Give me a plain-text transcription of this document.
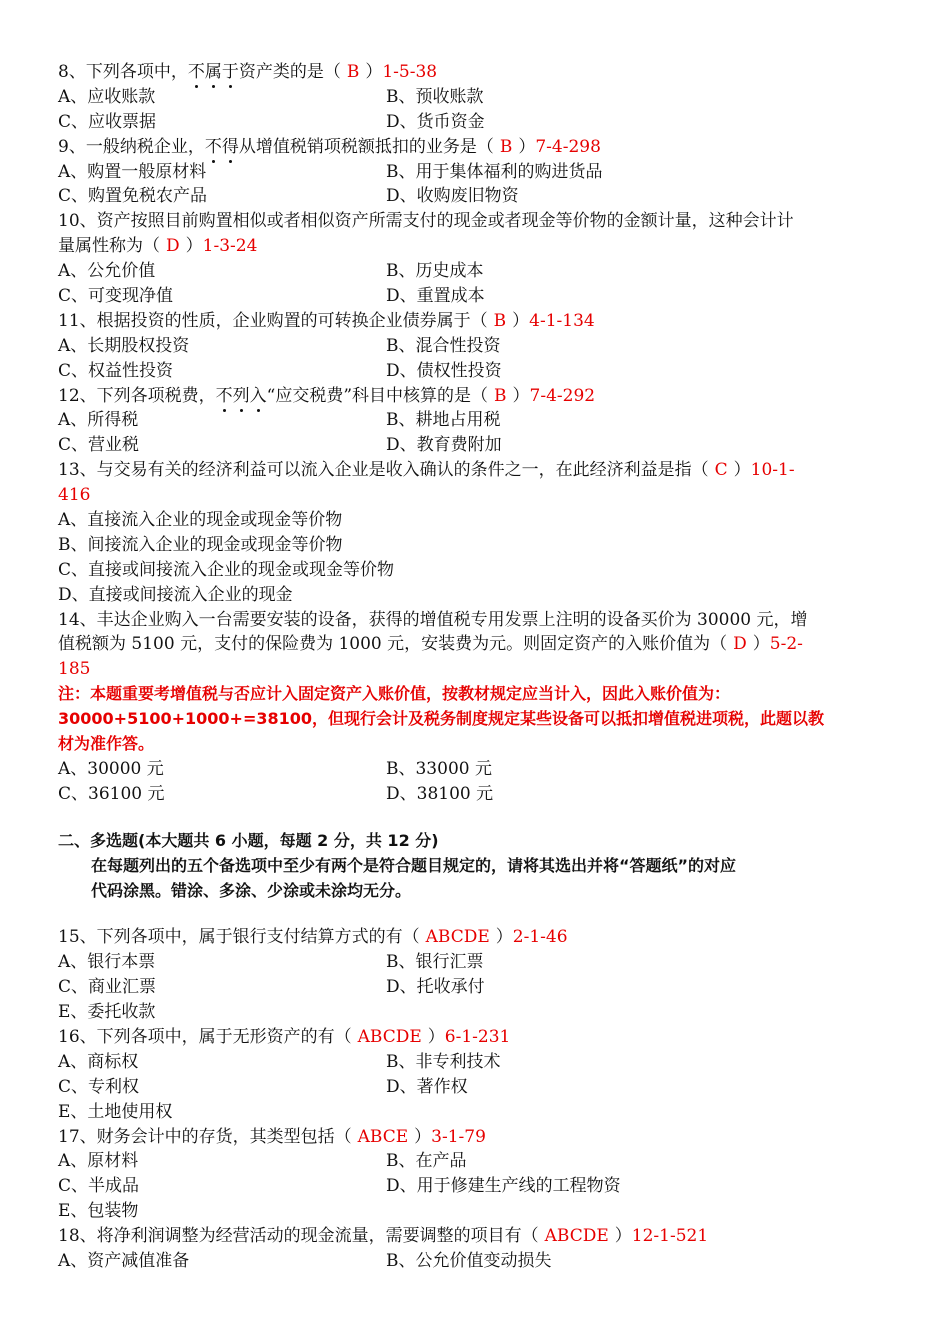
8、下列各项中，不属于资产类的是（ B ）1-5-38
A、应收账款	B、预收账款
C、应收票据	D、货币资金
9、一般纳税企业，不得从增值税销项税额抵扣的业务是（ B ）7-4-298
A、购置一般原材料	B、用于集体福利的购进货品
C、购置免税农产品	D、收购废旧物资
10、资产按照目前购置相似或者相似资产所需支付的现金或者现金等价物的金额计量，这种会计计
量属性称为（ D ）1-3-24
A、公允价值	B、历史成本
C、可变现净值	D、重置成本
11、根据投资的性质，企业购置的可转换企业债券属于（ B ）4-1-134
A、长期股权投资	B、混合性投资
C、权益性投资	D、债权性投资
12、下列各项税费，不列入“应交税费”科目中核算的是（ B ）7-4-292
A、所得税	B、耕地占用税
C、营业税	D、教育费附加
13、与交易有关的经济利益可以流入企业是收入确认的条件之一，在此经济利益是指（ C ）10-1-
416
A、直接流入企业的现金或现金等价物
B、间接流入企业的现金或现金等价物
C、直接或间接流入企业的现金或现金等价物
D、直接或间接流入企业的现金
14、丰达企业购入一台需要安装的设备，获得的增值税专用发票上注明的设备买价为 30000 元，增
值税额为 5100 元，支付的保险费为 1000 元，安装费为元。则固定资产的入账价值为（ D ）5-2-
185
注：本题重要考增值税与否应计入固定资产入账价值，按教材规定应当计入，因此入账价值为：
30000+5100+1000+=38100，但现行会计及税务制度规定某些设备可以抵扣增值税进项税，此题以教
材为准作答。
A、30000 元	B、33000 元
C、36100 元	D、38100 元
二、多选题(本大题共 6 小题，每题 2 分，共 12 分)
在每题列出的五个备选项中至少有两个是符合题目规定的，请将其选出并将“答题纸”的对应
代码涂黑。错涂、多涂、少涂或未涂均无分。
15、下列各项中，属于银行支付结算方式的有（ ABCDE ）2-1-46
A、银行本票	B、银行汇票
C、商业汇票	D、托收承付
E、委托收款
16、下列各项中，属于无形资产的有（ ABCDE ）6-1-231
A、商标权	B、非专利技术
C、专利权	D、著作权
E、土地使用权
17、财务会计中的存货，其类型包括（ ABCE ）3-1-79
A、原材料	B、在产品
C、半成品	D、用于修建生产线的工程物资
E、包装物
18、将净利润调整为经营活动的现金流量，需要调整的项目有（ ABCDE ）12-1-521
A、资产减值准备	B、公允价值变动损失
